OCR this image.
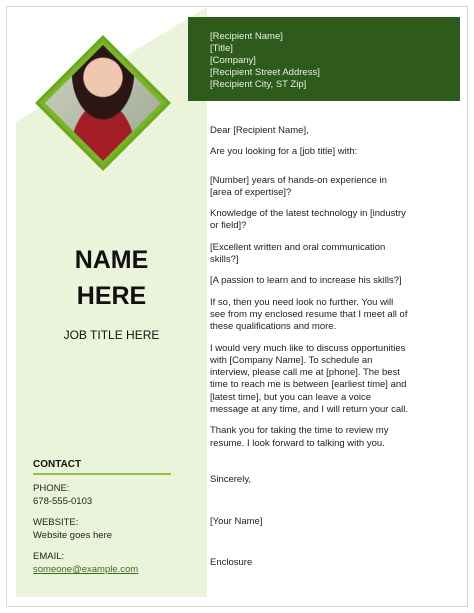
NAME
HERE
JOB TITLE HERE
CONTACT
PHONE:
678-555-0103
WEBSITE:
Website goes here
EMAIL:
someone@example.com
[Recipient Name]
[Title]
[Company]
[Recipient Street Address]
[Recipient City, ST Zip]

Dear [Recipient Name],

Are you looking for a [job title] with:

[Number] years of hands-on experience in [area of expertise]?

Knowledge of the latest technology in [industry or field]?

[Excellent written and oral communication skills?]

[A passion to learn and to increase his skills?]

If so, then you need look no further. You will see from my enclosed resume that I meet all of these qualifications and more.

I would very much like to discuss opportunities with [Company Name]. To schedule an interview, please call me at [phone]. The best time to reach me is between [earliest time] and [latest time], but you can leave a voice message at any time, and I will return your call.

Thank you for taking the time to review my resume. I look forward to talking with you.

Sincerely,

[Your Name]

Enclosure
